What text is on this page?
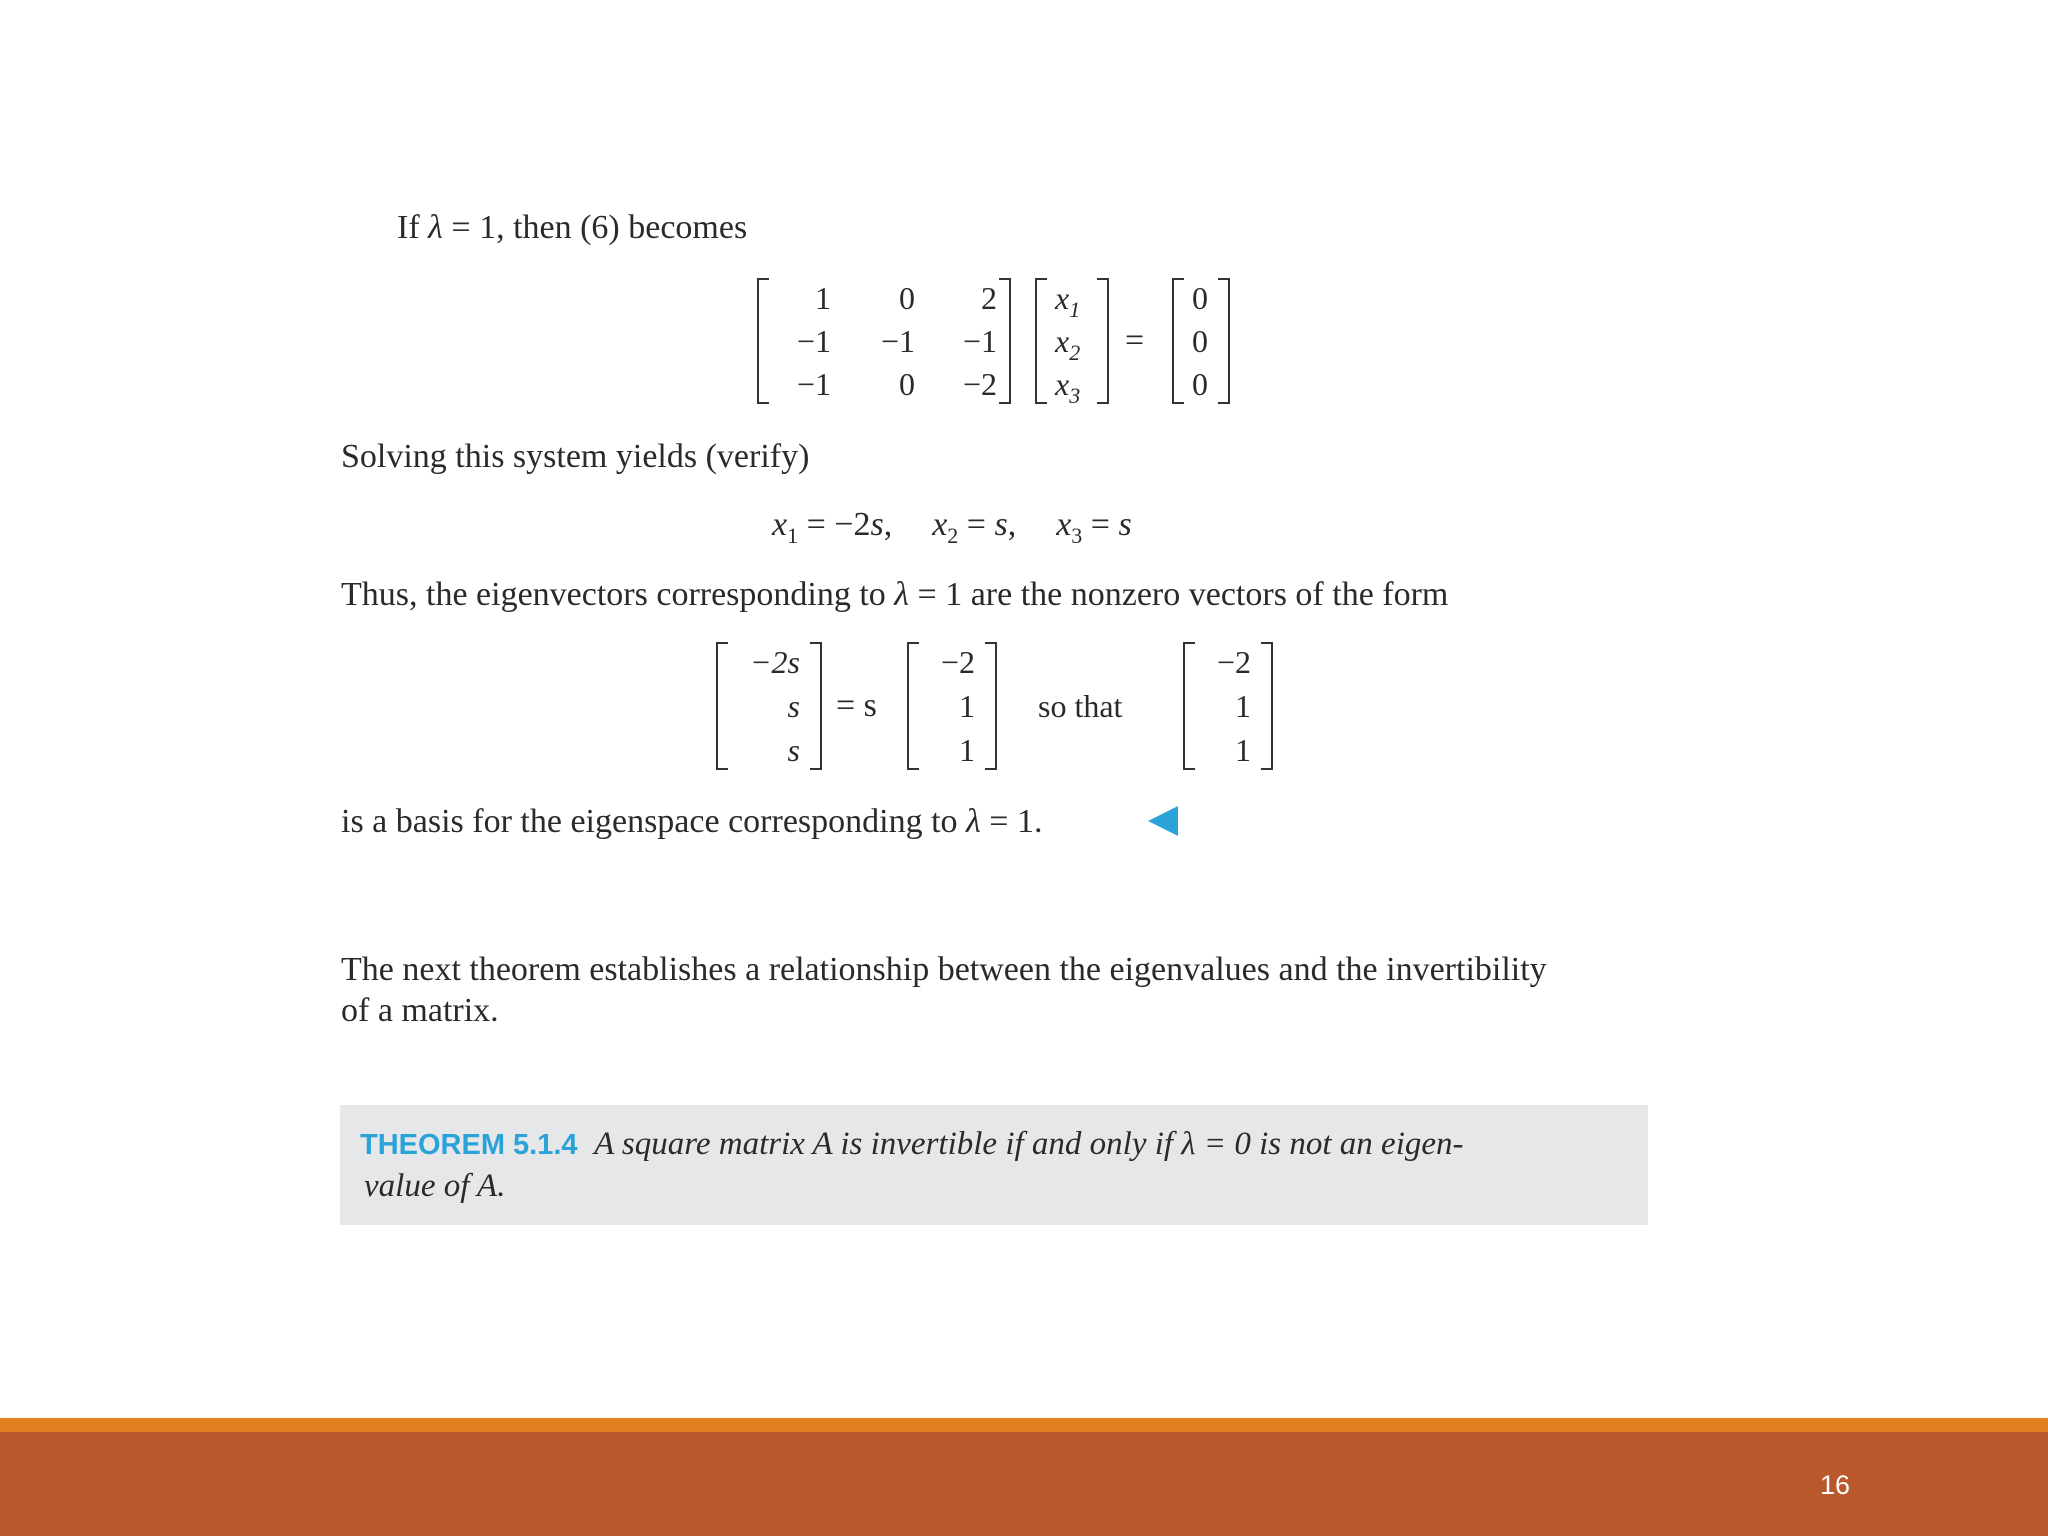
If λ = 1, then (6) becomes
1 0 2
−1 −1 −1
−1 0 −2
$x_1$
$x_2$
$x_3$
=
0
0
0
Solving this system yields (verify)
$x_1 = -2s$, $x_2 = s$, $x_3 = s$
Thus, the eigenvectors corresponding to λ = 1 are the nonzero vectors of the form
−2s
s
s
= s
−2
1
1
so that
−2
1
1
is a basis for the eigenspace corresponding to λ = 1.
The next theorem establishes a relationship between the eigenvalues and the invertibility
of a matrix.
THEOREM 5.1.4 A square matrix A is invertible if and only if λ = 0 is not an eigen-
value of A.
16
